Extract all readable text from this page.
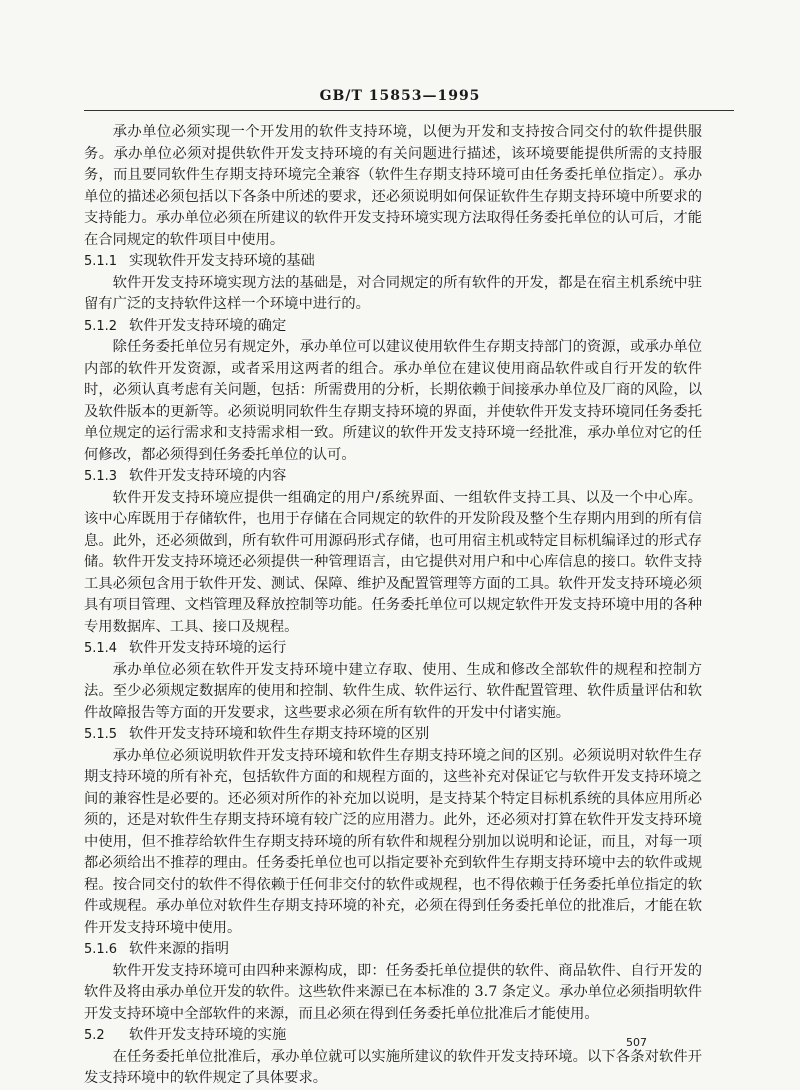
GB/T 15853—1995

承办单位必须实现一个开发用的软件支持环境，以便为开发和支持按合同交付的软件提供服务。承办单位必须对提供软件开发支持环境的有关问题进行描述，该环境要能提供所需的支持服务，而且要同软件生存期支持环境完全兼容（软件生存期支持环境可由任务委托单位指定）。承办单位的描述必须包括以下各条中所述的要求，还必须说明如何保证软件生存期支持环境中所要求的支持能力。承办单位必须在所建议的软件开发支持环境实现方法取得任务委托单位的认可后，才能在合同规定的软件项目中使用。

5.1.1 实现软件开发支持环境的基础

软件开发支持环境实现方法的基础是，对合同规定的所有软件的开发，都是在宿主机系统中驻留有广泛的支持软件这样一个环境中进行的。

5.1.2 软件开发支持环境的确定

除任务委托单位另有规定外，承办单位可以建议使用软件生存期支持部门的资源，或承办单位内部的软件开发资源，或者采用这两者的组合。承办单位在建议使用商品软件或自行开发的软件时，必须认真考虑有关问题，包括：所需费用的分析，长期依赖于间接承办单位及厂商的风险，以及软件版本的更新等。必须说明同软件生存期支持环境的界面，并使软件开发支持环境同任务委托单位规定的运行需求和支持需求相一致。所建议的软件开发支持环境一经批准，承办单位对它的任何修改，都必须得到任务委托单位的认可。

5.1.3 软件开发支持环境的内容

软件开发支持环境应提供一组确定的用户/系统界面、一组软件支持工具、以及一个中心库。该中心库既用于存储软件，也用于存储在合同规定的软件的开发阶段及整个生存期内用到的所有信息。此外，还必须做到，所有软件可用源码形式存储，也可用宿主机或特定目标机编译过的形式存储。软件开发支持环境还必须提供一种管理语言，由它提供对用户和中心库信息的接口。软件支持工具必须包含用于软件开发、测试、保障、维护及配置管理等方面的工具。软件开发支持环境必须具有项目管理、文档管理及释放控制等功能。任务委托单位可以规定软件开发支持环境中用的各种专用数据库、工具、接口及规程。

5.1.4 软件开发支持环境的运行

承办单位必须在软件开发支持环境中建立存取、使用、生成和修改全部软件的规程和控制方法。至少必须规定数据库的使用和控制、软件生成、软件运行、软件配置管理、软件质量评估和软件故障报告等方面的开发要求，这些要求必须在所有软件的开发中付诸实施。

5.1.5 软件开发支持环境和软件生存期支持环境的区别

承办单位必须说明软件开发支持环境和软件生存期支持环境之间的区别。必须说明对软件生存期支持环境的所有补充，包括软件方面的和规程方面的，这些补充对保证它与软件开发支持环境之间的兼容性是必要的。还必须对所作的补充加以说明，是支持某个特定目标机系统的具体应用所必须的，还是对软件生存期支持环境有较广泛的应用潜力。此外，还必须对打算在软件开发支持环境中使用，但不推荐给软件生存期支持环境的所有软件和规程分别加以说明和论证，而且，对每一项都必须给出不推荐的理由。任务委托单位也可以指定要补充到软件生存期支持环境中去的软件或规程。按合同交付的软件不得依赖于任何非交付的软件或规程，也不得依赖于任务委托单位指定的软件或规程。承办单位对软件生存期支持环境的补充，必须在得到任务委托单位的批准后，才能在软件开发支持环境中使用。

5.1.6 软件来源的指明

软件开发支持环境可由四种来源构成，即：任务委托单位提供的软件、商品软件、自行开发的软件及将由承办单位开发的软件。这些软件来源已在本标准的 3.7 条定义。承办单位必须指明软件开发支持环境中全部软件的来源，而且必须在得到任务委托单位批准后才能使用。

5.2 软件开发支持环境的实施

在任务委托单位批准后，承办单位就可以实施所建议的软件开发支持环境。以下各条对软件开发支持环境中的软件规定了具体要求。

507
